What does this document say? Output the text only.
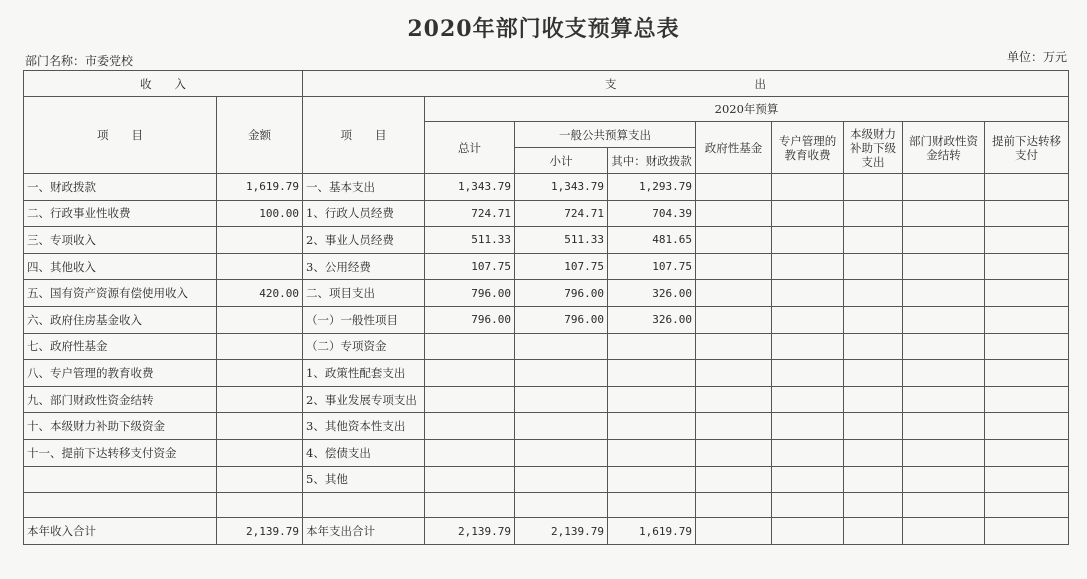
2020年部门收支预算总表
部门名称：市委党校	单位：万元
收　　入		支　　　　　　　　　　　　出								
项　　目	金额	项　　目	2020年预算							
			总计	一般公共预算支出		政府性基金	专户管理的教育收费	本级财力补助下级支出	部门财政性资金结转	提前下达转移支付
				小计	其中：财政拨款					
一、财政拨款	1,619.79	一、基本支出	1,343.79	1,343.79	1,293.79					
二、行政事业性收费	100.00	1、行政人员经费	724.71	724.71	704.39					
三、专项收入		2、事业人员经费	511.33	511.33	481.65					
四、其他收入		3、公用经费	107.75	107.75	107.75					
五、国有资产资源有偿使用收入	420.00	二、项目支出	796.00	796.00	326.00					
六、政府住房基金收入		（一）一般性项目	796.00	796.00	326.00					
七、政府性基金		（二）专项资金								
八、专户管理的教育收费		1、政策性配套支出								
九、部门财政性资金结转		2、事业发展专项支出								
十、本级财力补助下级资金		3、其他资本性支出								
十一、提前下达转移支付资金		4、偿债支出								
		5、其他								

本年收入合计	2,139.79	本年支出合计	2,139.79	2,139.79	1,619.79					
